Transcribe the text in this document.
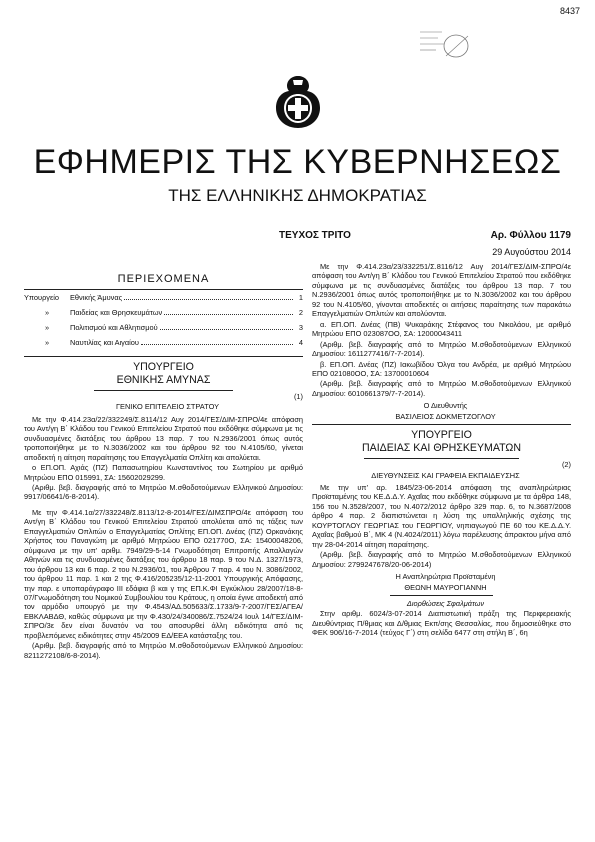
8437
ΕΦΗΜΕΡΙΣ ΤΗΣ ΚΥΒΕΡΝΗΣΕΩΣ
ΤΗΣ ΕΛΛΗΝΙΚΗΣ ΔΗΜΟΚΡΑΤΙΑΣ
ΤΕΥΧΟΣ ΤΡΙΤΟ	Αρ. Φύλλου 1179
29 Αυγούστου 2014
ΠΕΡΙΕΧΟΜΕΝΑ
Υπουργείο	Εθνικής Άμυνας	1
»	Παιδείας και Θρησκευμάτων	2
»	Πολιτισμού και Αθλητισμού	3
»	Ναυτιλίας και Αιγαίου	4
ΥΠΟΥΡΓΕΙΟ
ΕΘΝΙΚΗΣ ΑΜΥΝΑΣ

(1)

ΓΕΝΙΚΟ ΕΠΙΤΕΛΕΙΟ ΣΤΡΑΤΟΥ

Με την Φ.414.23α/22/332249/Σ.8114/12 Αυγ 2014/ΓΕΣ/ΔΙΜ-ΣΠΡΟ/4ε απόφαση του Αντ/γη Β΄ Κλάδου του Γενικού Επιτελείου Στρατού που εκδόθηκε σύμφωνα με τις συνδυασμένες διατάξεις του άρθρου 13 παρ. 7 του Ν.2936/2001 όπως αυτός τροποποιήθηκε με το Ν.3036/2002 και του άρθρου 92 του Ν.4105/60, γίνεται αποδεκτή η αίτηση παραίτησης του Επαγγελματία Οπλίτη και απολύεται.

ο ΕΠ.ΟΠ. Αχιάς (ΠΖ) Παπασωτηρίου Κωνσταντίνος του Σωτηρίου με αριθμό Μητρώου ΕΠΟ 015991, ΣΑ: 15602029299.

(Αριθμ. βεβ. διαγραφής από το Μητρώο Μ.σθοδοτούμενων Ελληνικού Δημοσίου: 9917/06641/6-8-2014).

Με την Φ.414.1α/27/332248/Σ.8113/12-8-2014/ΓΕΣ/ΔΙΜΣΠΡΟ/4ε απόφαση του Αντ/γη Β΄ Κλάδου του Γενικού Επιτελείου Στρατού απολύεται από τις τάξεις των Επαγγελματιών Οπλιτών ο Επαγγελματίας Οπλίτης ΕΠ.ΟΠ. Δνέας (ΠΖ) Ορκανάκης Χρήστος του Παναγιώτη με αριθμό Μητρώου ΕΠΟ 021770Ο, ΣΑ: 15400048206, σύμφωνα με την υπ’ αριθμ. 7949/29-5-14 Γνωμοδότηση Επιτροπής Απαλλαγών Αθηνών και τις συνδυασμένες διατάξεις του άρθρου 18 παρ. 9 του Ν.Δ. 1327/1973, του άρθρου 13 και 6 παρ. 2 του Ν.2936/01, του Άρθρου 7 παρ. 4 του Ν. 3086/2002, του άρθρου 11 παρ. 1 και 2 της Φ.416/205235/12-11-2001 Υπουργικής Απόφασης, την παρ. ε υποπαράγραφο III εδάφια β και γ της ΕΠ.Κ.ΦΙ Εγκύκλιου 28/2007/18-8-07/Γνωμοδότηση του Νομικού Συμβουλίου του Κράτους, η οποία έγινε αποδεκτή από τον αρμόδιο υπουργό με την Φ.4543/ΑΔ.505633/Σ.1733/9-7-2007/ΓΕΣ/ΑΓΕΑ/ΕΒΚΛΑΒΔΘ, καθώς σύμφωνα με την Φ.430/24/340086/Σ.7524/24 Ιουλ 14/ΓΕΣ/ΔΙΜ-ΣΠΡΟ/3ε δεν είναι δυνατόν να του αποσυρθεί άλλη ειδικότητα από τις προβλεπόμενες ειδικότητες στην 45/2009 ΕΔ/ΕΕΑ κατάσταξης του.

(Αριθμ. βεβ. διαγραφής από το Μητρώο Μ.σθοδοτούμενων Ελληνικού Δημοσίου: 8211272108/6-8-2014).

Με την Φ.414.23α/23/332251/Σ.8116/12 Αυγ 2014/ΓΕΣ/ΔΙΜ-ΣΠΡΟ/4ε απόφαση του Αντ/γη Β΄ Κλάδου του Γενικού Επιτελείου Στρατού που εκδόθηκε σύμφωνα με τις συνδυασμένες διατάξεις του άρθρου 13 παρ. 7 του Ν.2936/2001 όπως αυτός τροποποιήθηκε με το Ν.3036/2002 και του άρθρου 92 του Ν.4105/60, γίνονται αποδεκτές οι αιτήσεις παραίτησης των παρακάτω Επαγγελματιών Οπλιτών και απολύονται.

α. ΕΠ.ΟΠ. Δνέας (ΠΒ) Ψυκαράκης Στέφανος του Νικολάου, με αριθμό Μητρώου ΕΠΟ 023087ΟΟ, ΣΑ: 12000043411

(Αριθμ. βεβ. διαγραφής από το Μητρώο Μ.σθοδοτούμενων Ελληνικού Δημοσίου: 1611277416/7-7-2014).

β. ΕΠ.ΟΠ. Δνέας (ΠΖ) Ιακωβίδου Όλγα του Ανδρέα, με αριθμό Μητρώου ΕΠΟ 021080ΟΟ, ΣΑ: 13700010604

(Αριθμ. βεβ. διαγραφής από το Μητρώο Μ.σθοδοτούμενων Ελληνικού Δημοσίου: 6010661379/7-7-2014).

Ο Διευθυντής

ΒΑΣΙΛΕΙΟΣ ΔΟΚΜΕΤΖΟΓΛΟΥ

ΥΠΟΥΡΓΕΙΟ
ΠΑΙΔΕΙΑΣ ΚΑΙ ΘΡΗΣΚΕΥΜΑΤΩΝ

(2)

ΔΙΕΥΘΥΝΣΕΙΣ ΚΑΙ ΓΡΑΦΕΙΑ ΕΚΠΑΙΔΕΥΣΗΣ

Με την υπ’ αρ. 1845/23-06-2014 απόφαση της αναπληρώτριας Προϊσταμένης του ΚΕ.Δ.Δ.Υ. Αχαΐας που εκδόθηκε σύμφωνα με τα άρθρα 148, 156 του Ν.3528/2007, του Ν.4072/2012 άρθρο 329 παρ. 6, το Ν.3687/2008 άρθρο 4 παρ. 2 διαπιστώνεται η λύση της υπαλληλικής σχέσης της ΚΟΥΡΤΟΓΛΟΥ ΓΕΩΡΓΙΑΣ του ΓΕΩΡΓΙΟΥ, νηπιαγωγού ΠΕ 60 του ΚΕ.Δ.Δ.Υ. Αχαΐας βαθμού Β΄, ΜΚ 4 (Ν.4024/2011) λόγω παρέλευσης άπρακτου μήνα από την 28-04-2014 αίτηση παραίτησης.

(Αριθμ. βεβ. διαγραφής από το Μητρώο Μ.σθοδοτούμενων Ελληνικού Δημοσίου: 2799247678/20-06-2014)

Η Αναπληρώτρια Προϊσταμένη

ΘΕΩΝΗ ΜΑΥΡΟΓΙΑΝΝΗ

Διορθώσεις Σφαλμάτων

Στην αριθμ. 6024/3-07-2014 Διαπιστωτική πράξη της Περιφερειακής Διευθύντριας Π/θμιας και Δ/θμιας Εκπ/σης Θεσσαλίας, που δημοσιεύθηκε στο ΦΕΚ 906/16-7-2014 (τεύχος Γ΄) στη σελίδα 6477 στη στήλη Β΄, 6η
